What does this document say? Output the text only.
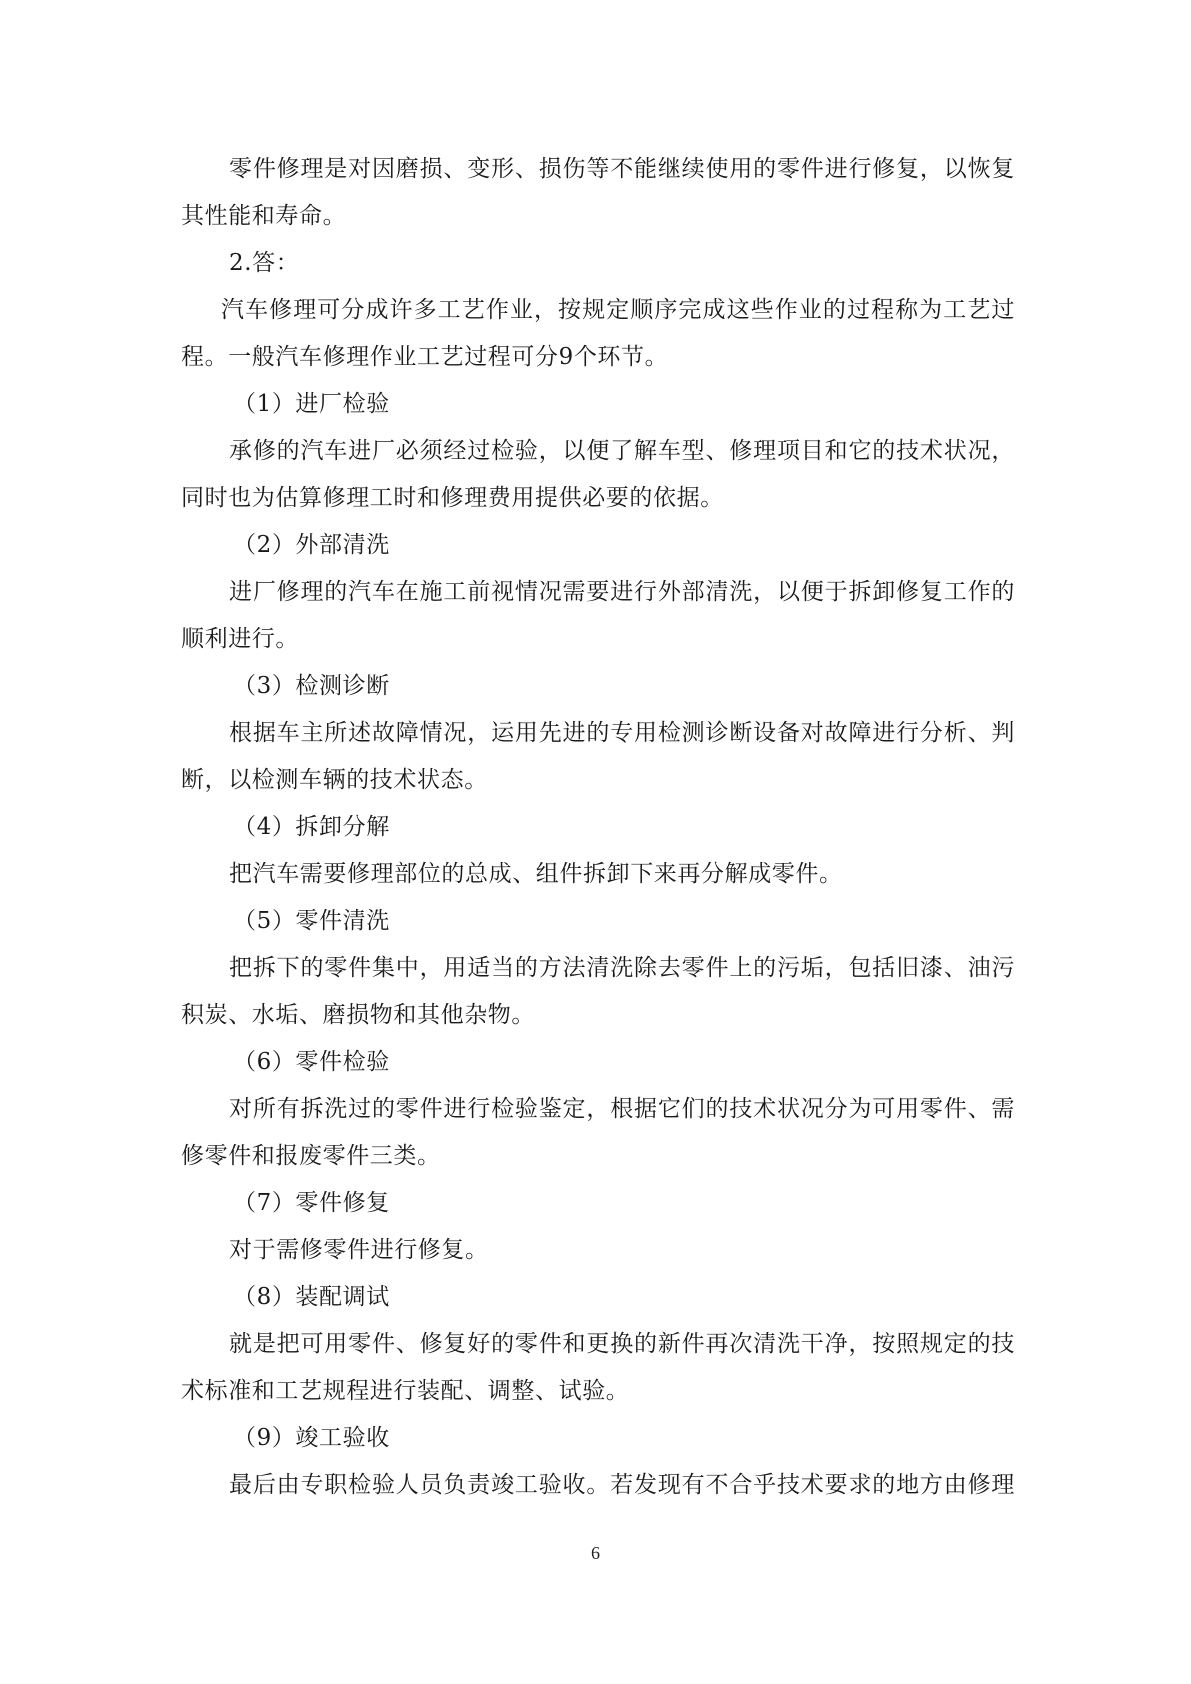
零件修理是对因磨损、变形、损伤等不能继续使用的零件进行修复，以恢复
其性能和寿命。
2.答：
汽车修理可分成许多工艺作业，按规定顺序完成这些作业的过程称为工艺过
程。一般汽车修理作业工艺过程可分9个环节。
（1）进厂检验
承修的汽车进厂必须经过检验，以便了解车型、修理项目和它的技术状况，
同时也为估算修理工时和修理费用提供必要的依据。
（2）外部清洗
进厂修理的汽车在施工前视情况需要进行外部清洗，以便于拆卸修复工作的
顺利进行。
（3）检测诊断
根据车主所述故障情况，运用先进的专用检测诊断设备对故障进行分析、判
断，以检测车辆的技术状态。
（4）拆卸分解
把汽车需要修理部位的总成、组件拆卸下来再分解成零件。
（5）零件清洗
把拆下的零件集中，用适当的方法清洗除去零件上的污垢，包括旧漆、油污
积炭、水垢、磨损物和其他杂物。
（6）零件检验
对所有拆洗过的零件进行检验鉴定，根据它们的技术状况分为可用零件、需
修零件和报废零件三类。
（7）零件修复
对于需修零件进行修复。
（8）装配调试
就是把可用零件、修复好的零件和更换的新件再次清洗干净，按照规定的技
术标准和工艺规程进行装配、调整、试验。
（9）竣工验收
最后由专职检验人员负责竣工验收。若发现有不合乎技术要求的地方由修理
6
